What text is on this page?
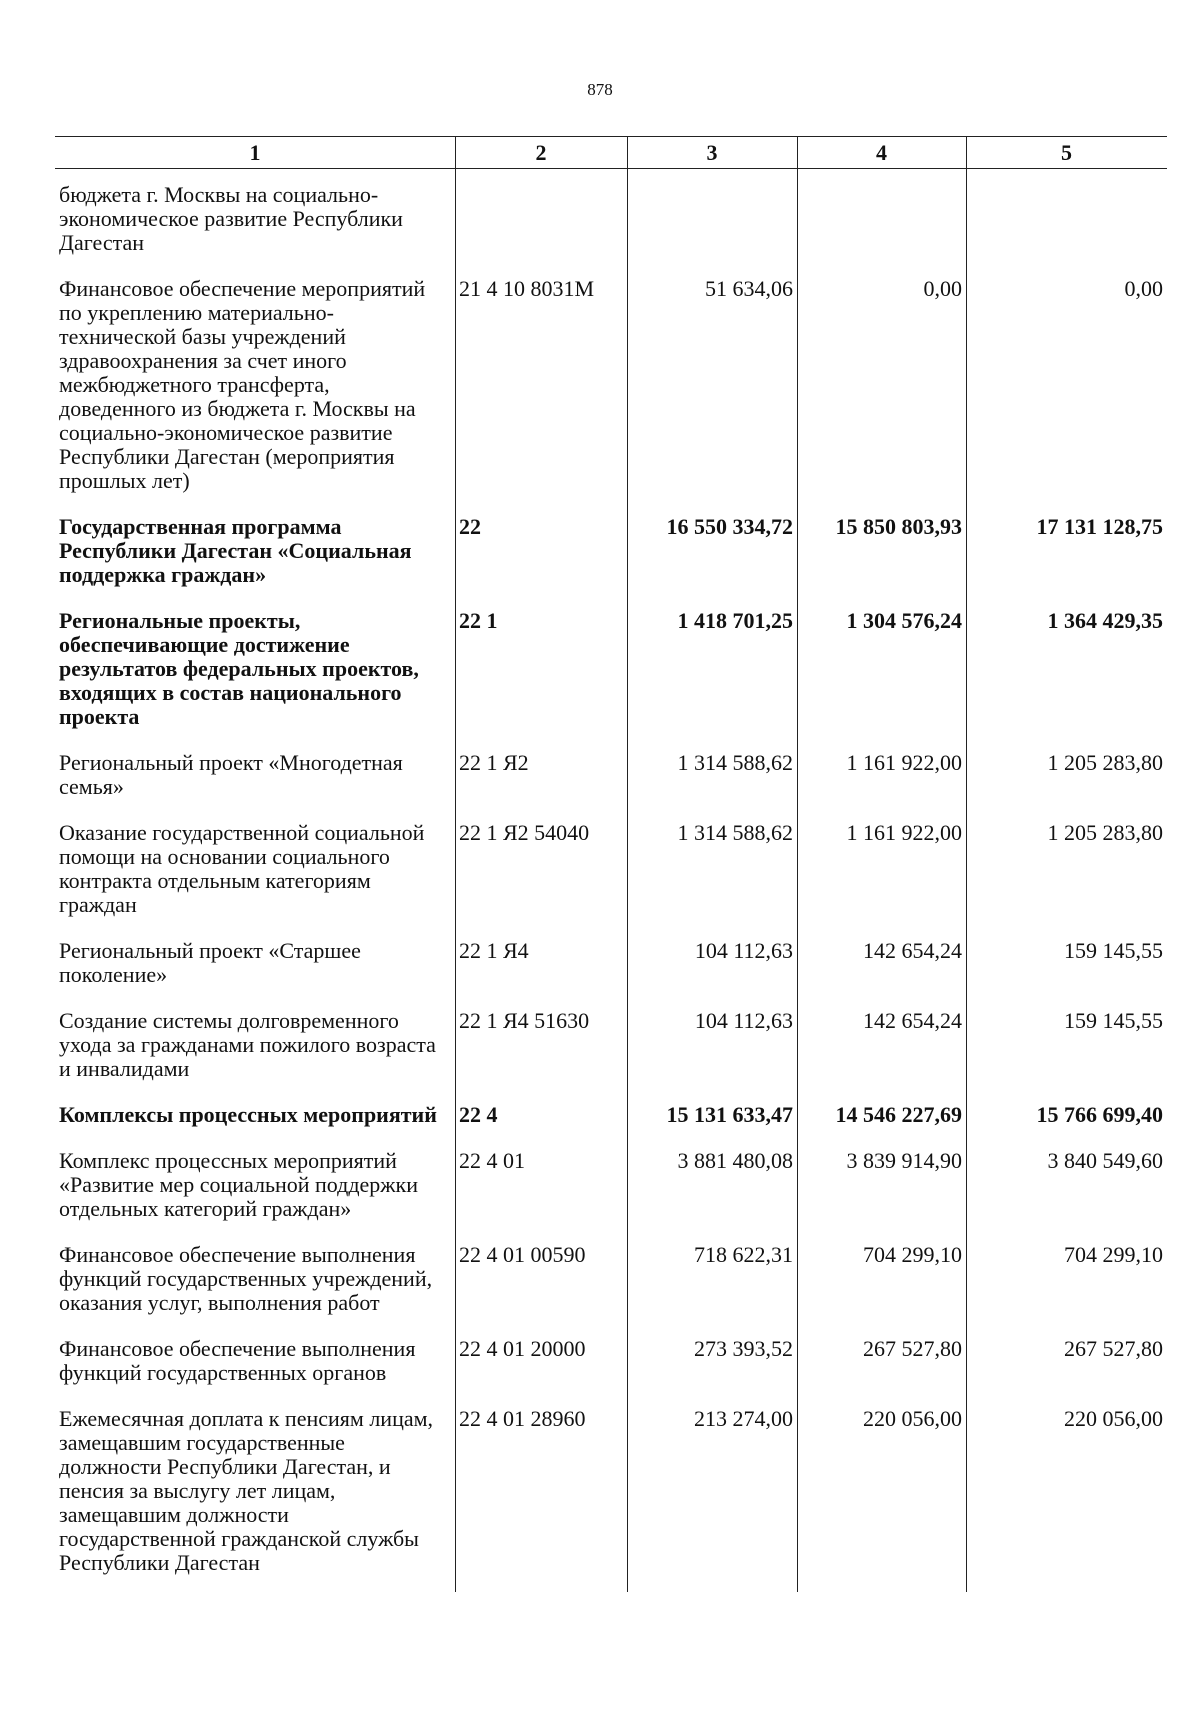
878
1	2	3	4	5
бюджета г. Москвы на социально-экономическое развитие Республики Дагестан				
Финансовое обеспечение мероприятий по укреплению материально-технической базы учреждений здравоохранения за счет иного межбюджетного трансферта, доведенного из бюджета г. Москвы на социально-экономическое развитие Республики Дагестан (мероприятия прошлых лет)	21 4 10 8031M	51 634,06	0,00	0,00
Государственная программа Республики Дагестан «Социальная поддержка граждан»	22	16 550 334,72	15 850 803,93	17 131 128,75
Региональные проекты, обеспечивающие достижение результатов федеральных проектов, входящих в состав национального проекта	22 1	1 418 701,25	1 304 576,24	1 364 429,35
Региональный проект «Многодетная семья»	22 1 Я2	1 314 588,62	1 161 922,00	1 205 283,80
Оказание государственной социальной помощи на основании социального контракта отдельным категориям граждан	22 1 Я2 54040	1 314 588,62	1 161 922,00	1 205 283,80
Региональный проект «Старшее поколение»	22 1 Я4	104 112,63	142 654,24	159 145,55
Создание системы долговременного ухода за гражданами пожилого возраста и инвалидами	22 1 Я4 51630	104 112,63	142 654,24	159 145,55
Комплексы процессных мероприятий	22 4	15 131 633,47	14 546 227,69	15 766 699,40
Комплекс процессных мероприятий «Развитие мер социальной поддержки отдельных категорий граждан»	22 4 01	3 881 480,08	3 839 914,90	3 840 549,60
Финансовое обеспечение выполнения функций государственных учреждений, оказания услуг, выполнения работ	22 4 01 00590	718 622,31	704 299,10	704 299,10
Финансовое обеспечение выполнения функций государственных органов	22 4 01 20000	273 393,52	267 527,80	267 527,80
Ежемесячная доплата к пенсиям лицам, замещавшим государственные должности Республики Дагестан, и пенсия за выслугу лет лицам, замещавшим должности государственной гражданской службы Республики Дагестан	22 4 01 28960	213 274,00	220 056,00	220 056,00
